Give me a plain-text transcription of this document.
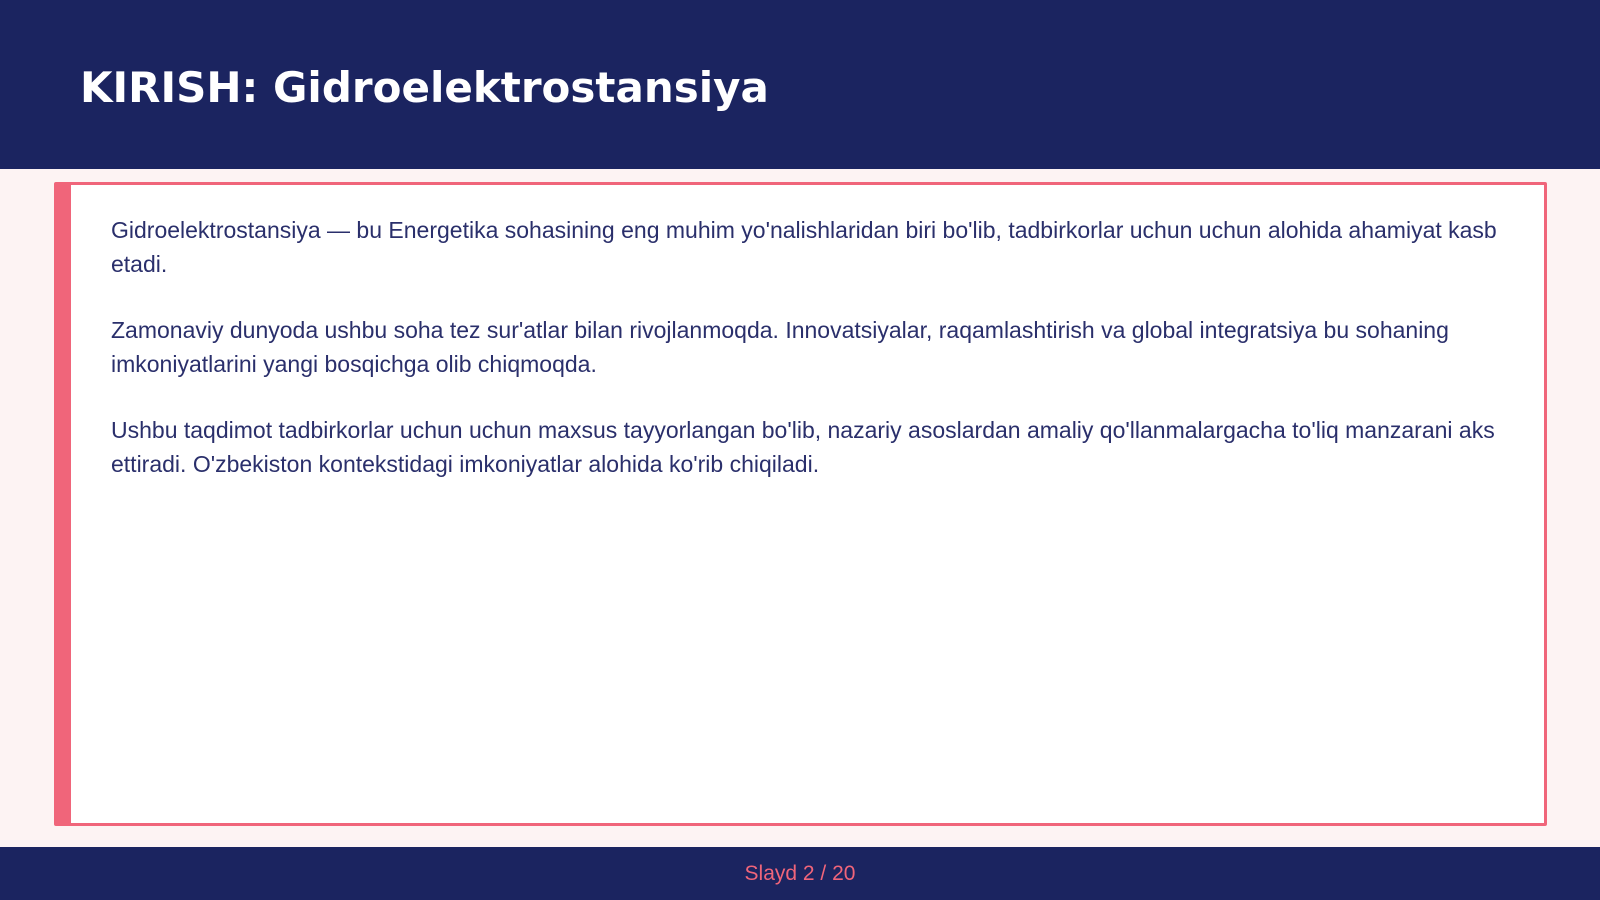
KIRISH: Gidroelektrostansiya

Gidroelektrostansiya — bu Energetika sohasining eng muhim yo'nalishlaridan biri bo'lib, tadbirkorlar uchun uchun alohida ahamiyat kasb etadi.

Zamonaviy dunyoda ushbu soha tez sur'atlar bilan rivojlanmoqda. Innovatsiyalar, raqamlashtirish va global integratsiya bu sohaning imkoniyatlarini yangi bosqichga olib chiqmoqda.

Ushbu taqdimot tadbirkorlar uchun uchun maxsus tayyorlangan bo'lib, nazariy asoslardan amaliy qo'llanmalargacha to'liq manzarani aks ettiradi. O'zbekiston kontekstidagi imkoniyatlar alohida ko'rib chiqiladi.

Slayd 2 / 20
